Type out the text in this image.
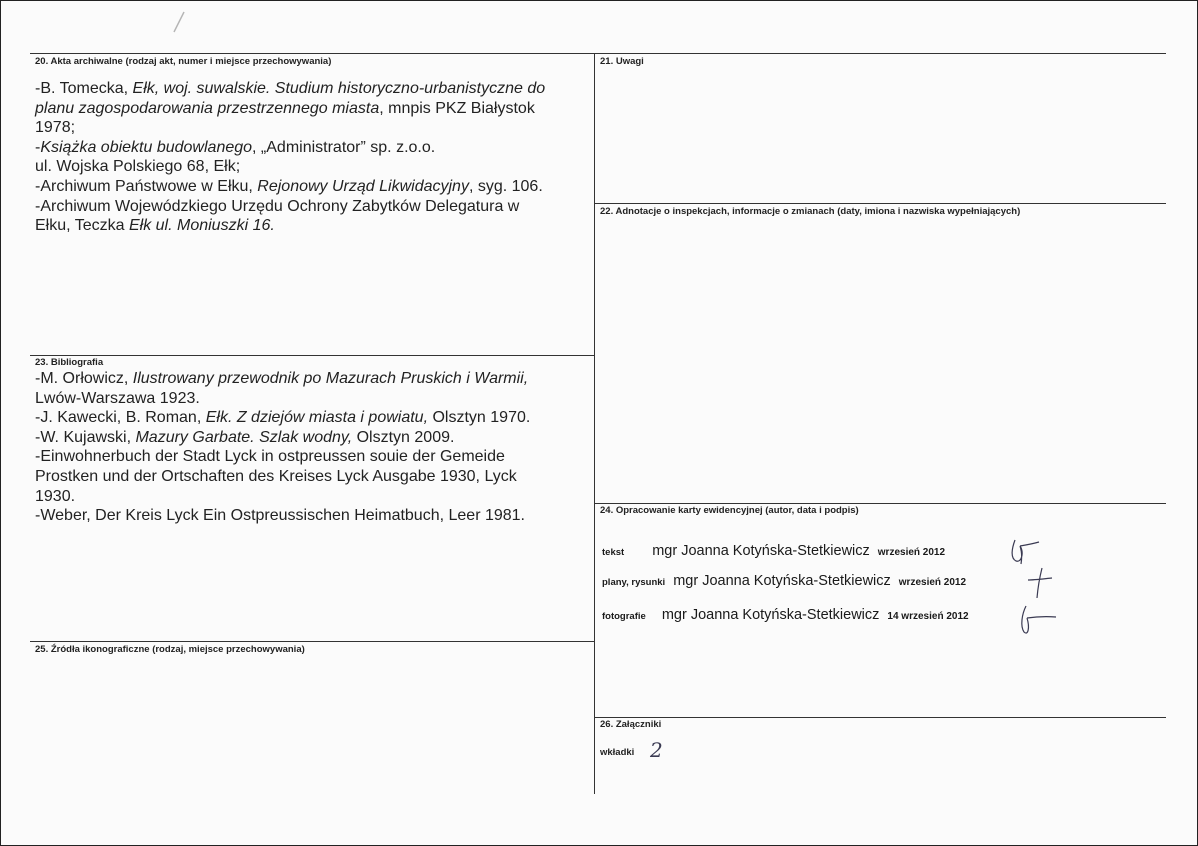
20. Akta archiwalne (rodzaj akt, numer i miejsce przechowywania)
-B. Tomecka, Ełk, woj. suwalskie. Studium historyczno-urbanistyczne do
planu zagospodarowania przestrzennego miasta, mnpis PKZ Białystok
1978;
-Książka obiektu budowlanego, „Administrator” sp. z.o.o.
ul. Wojska Polskiego 68, Ełk;
-Archiwum Państwowe w Ełku, Rejonowy Urząd Likwidacyjny, syg. 106.
-Archiwum Wojewódzkiego Urzędu Ochrony Zabytków Delegatura w
Ełku, Teczka Ełk ul. Moniuszki 16.
21. Uwagi
22. Adnotacje o inspekcjach, informacje o zmianach (daty, imiona i nazwiska wypełniających)
23. Bibliografia
-M. Orłowicz, Ilustrowany przewodnik po Mazurach Pruskich i Warmii,
Lwów-Warszawa 1923.
-J. Kawecki, B. Roman, Ełk. Z dziejów miasta i powiatu, Olsztyn 1970.
-W. Kujawski, Mazury Garbate. Szlak wodny, Olsztyn 2009.
-Einwohnerbuch der Stadt Lyck in ostpreussen souie der Gemeide
Prostken und der Ortschaften des Kreises Lyck Ausgabe 1930, Lyck
1930.
-Weber, Der Kreis Lyck Ein Ostpreussischen Heimatbuch, Leer 1981.	24. Opracowanie karty ewidencyjnej (autor, data i podpis)
tekst mgr Joanna Kotyńska-Stetkiewicz wrzesień 2012
plany, rysunki mgr Joanna Kotyńska-Stetkiewicz wrzesień 2012
fotografie mgr Joanna Kotyńska-Stetkiewicz 14 wrzesień 2012
25. Źródła ikonograficzne (rodzaj, miejsce przechowywania)
26. Załączniki
wkładki 2
